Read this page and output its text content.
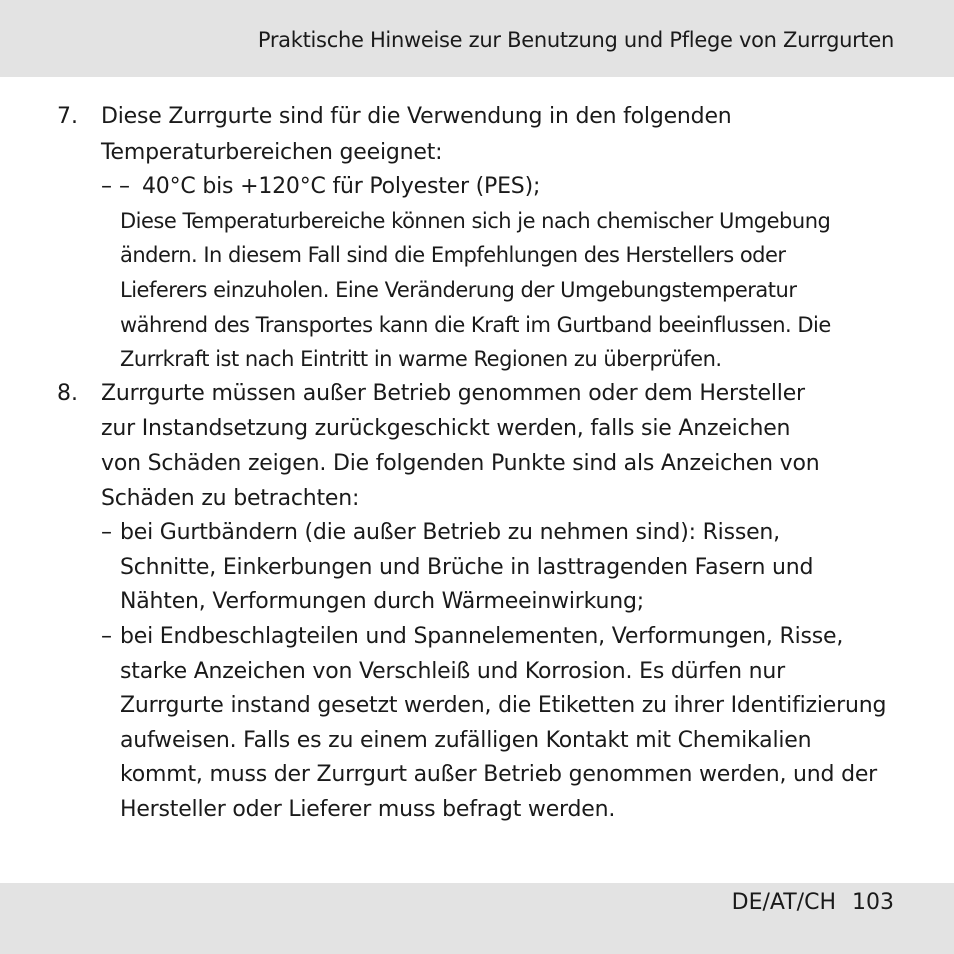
Praktische Hinweise zur Benutzung und Pflege von Zurrgurten
7. Diese Zurrgurte sind für die Verwendung in den folgenden
Temperaturbereichen geeignet:
– – 40°C bis +120°C für Polyester (PES);
Diese Temperaturbereiche können sich je nach chemischer Umgebung
ändern. In diesem Fall sind die Empfehlungen des Herstellers oder
Lieferers einzuholen. Eine Veränderung der Umgebungstemperatur
während des Transportes kann die Kraft im Gurtband beeinflussen. Die
Zurrkraft ist nach Eintritt in warme Regionen zu überprüfen.
8. Zurrgurte müssen außer Betrieb genommen oder dem Hersteller
zur Instandsetzung zurückgeschickt werden, falls sie Anzeichen
von Schäden zeigen. Die folgenden Punkte sind als Anzeichen von
Schäden zu betrachten:
– bei Gurtbändern (die außer Betrieb zu nehmen sind): Rissen,
Schnitte, Einkerbungen und Brüche in lasttragenden Fasern und
Nähten, Verformungen durch Wärmeeinwirkung;
– bei Endbeschlagteilen und Spannelementen, Verformungen, Risse,
starke Anzeichen von Verschleiß und Korrosion. Es dürfen nur
Zurrgurte instand gesetzt werden, die Etiketten zu ihrer Identifizierung
aufweisen. Falls es zu einem zufälligen Kontakt mit Chemikalien
kommt, muss der Zurrgurt außer Betrieb genommen werden, und der
Hersteller oder Lieferer muss befragt werden.
DE/AT/CH 103
